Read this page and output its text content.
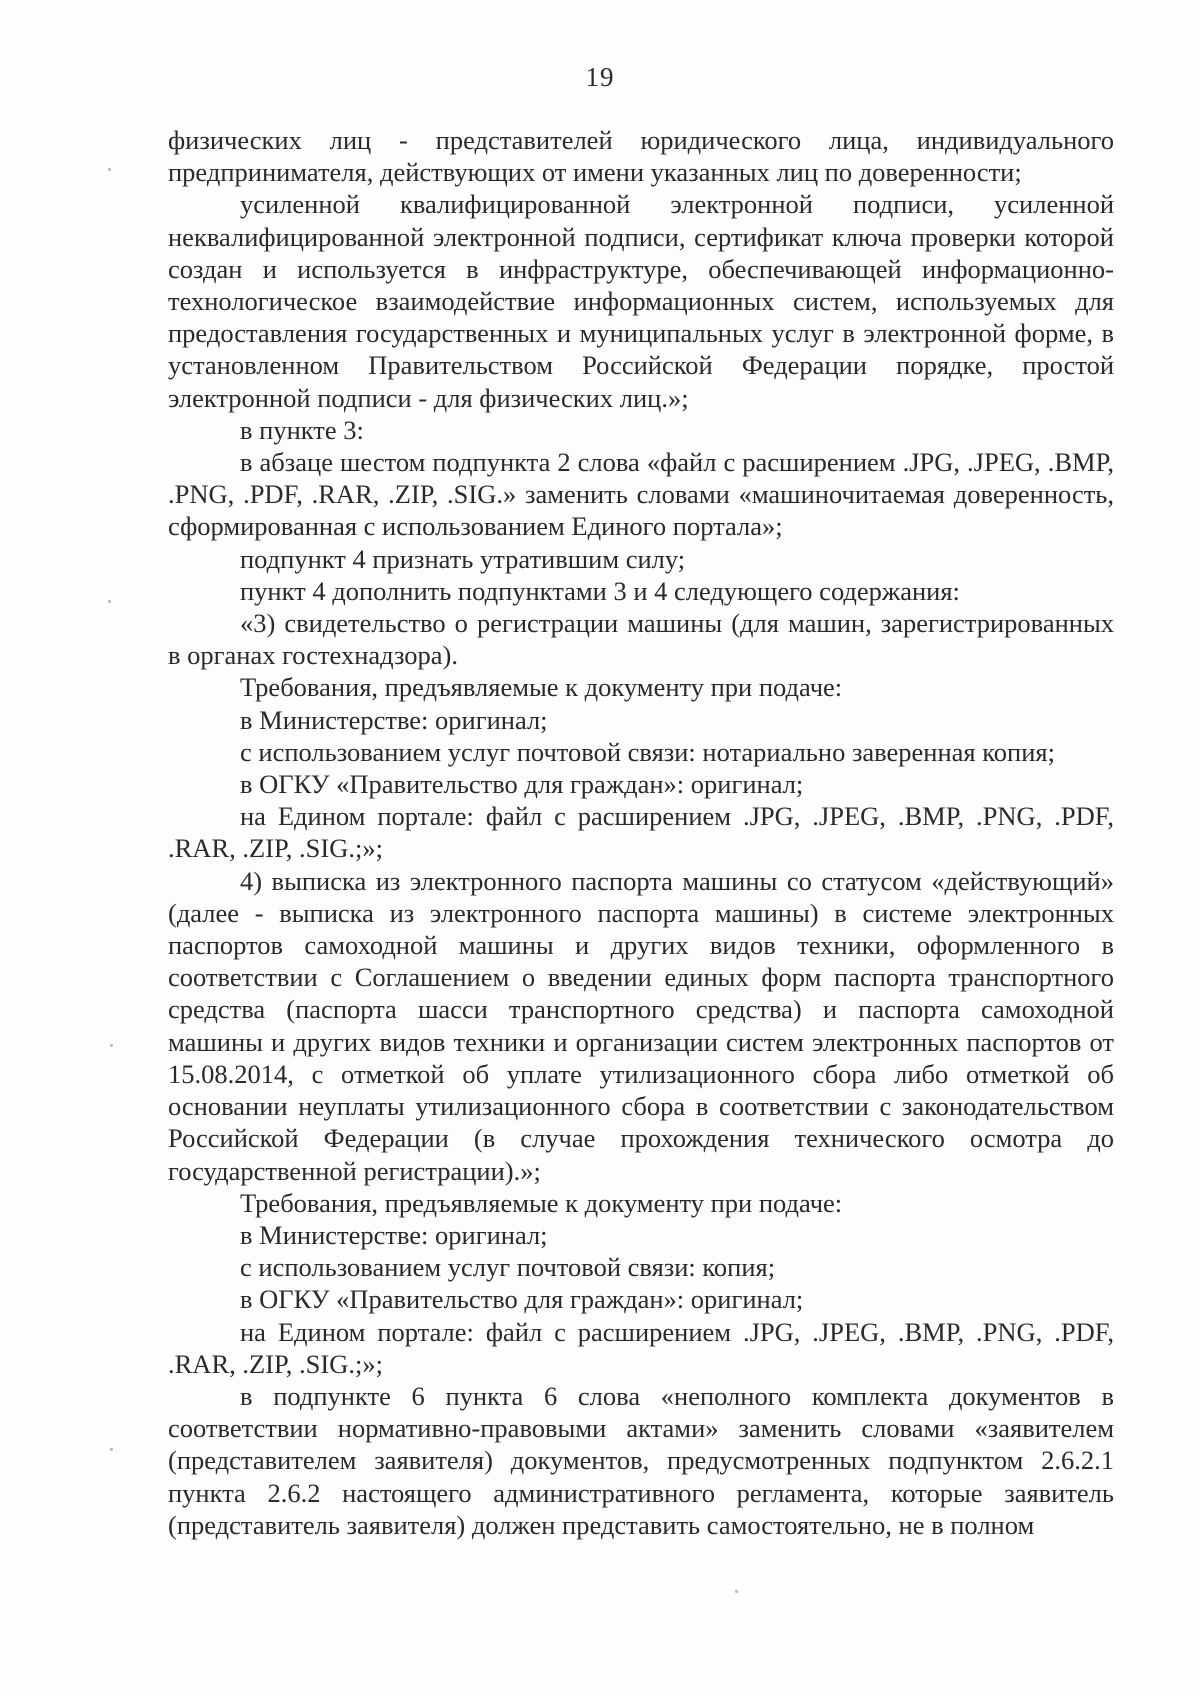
19

физических лиц - представителей юридического лица, индивидуального предпринимателя, действующих от имени указанных лиц по доверенности;

усиленной квалифицированной электронной подписи, усиленной неквалифицированной электронной подписи, сертификат ключа проверки которой создан и используется в инфраструктуре, обеспечивающей информационно-технологическое взаимодействие информационных систем, используемых для предоставления государственных и муниципальных услуг в электронной форме, в установленном Правительством Российской Федерации порядке, простой электронной подписи - для физических лиц.»;

в пункте 3:

в абзаце шестом подпункта 2 слова «файл с расширением .JPG, .JPEG, .BMP, .PNG, .PDF, .RAR, .ZIP, .SIG.» заменить словами «машиночитаемая доверенность, сформированная с использованием Единого портала»;

подпункт 4 признать утратившим силу;

пункт 4 дополнить подпунктами 3 и 4 следующего содержания:

«3) свидетельство о регистрации машины (для машин, зарегистрированных в органах гостехнадзора).

Требования, предъявляемые к документу при подаче:

в Министерстве: оригинал;

с использованием услуг почтовой связи: нотариально заверенная копия;

в ОГКУ «Правительство для граждан»: оригинал;

на Едином портале: файл с расширением .JPG, .JPEG, .BMP, .PNG, .PDF, .RAR, .ZIP, .SIG.;»;

4) выписка из электронного паспорта машины со статусом «действующий» (далее - выписка из электронного паспорта машины) в системе электронных паспортов самоходной машины и других видов техники, оформленного в соответствии с Соглашением о введении единых форм паспорта транспортного средства (паспорта шасси транспортного средства) и паспорта самоходной машины и других видов техники и организации систем электронных паспортов от 15.08.2014, с отметкой об уплате утилизационного сбора либо отметкой об основании неуплаты утилизационного сбора в соответствии с законодательством Российской Федерации (в случае прохождения технического осмотра до государственной регистрации).»;

Требования, предъявляемые к документу при подаче:

в Министерстве: оригинал;

с использованием услуг почтовой связи: копия;

в ОГКУ «Правительство для граждан»: оригинал;

на Едином портале: файл с расширением .JPG, .JPEG, .BMP, .PNG, .PDF, .RAR, .ZIP, .SIG.;»;

в подпункте 6 пункта 6 слова «неполного комплекта документов в соответствии нормативно-правовыми актами» заменить словами «заявителем (представителем заявителя) документов, предусмотренных подпунктом 2.6.2.1 пункта 2.6.2 настоящего административного регламента, которые заявитель (представитель заявителя) должен представить самостоятельно, не в полном
